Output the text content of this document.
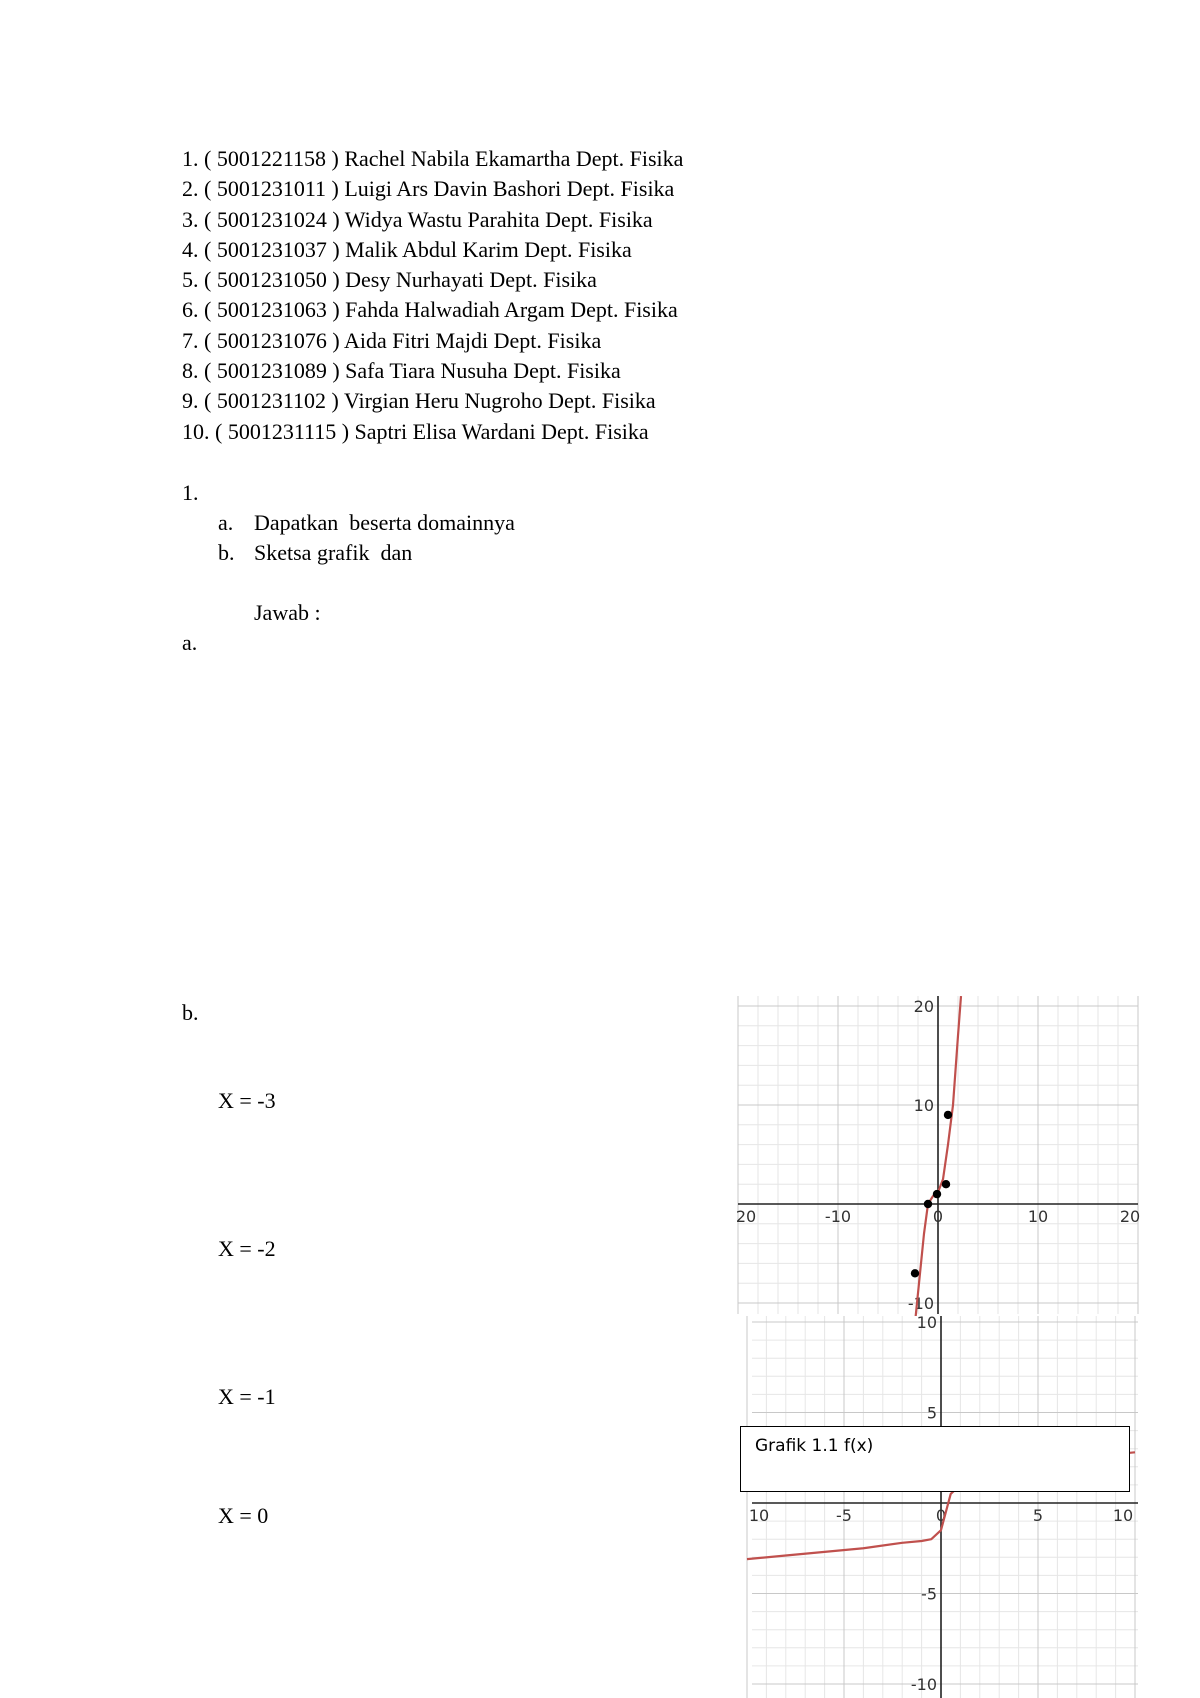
1. ( 5001221158 ) Rachel Nabila Ekamartha Dept. Fisika
2. ( 5001231011 ) Luigi Ars Davin Bashori Dept. Fisika
3. ( 5001231024 ) Widya Wastu Parahita Dept. Fisika
4. ( 5001231037 ) Malik Abdul Karim Dept. Fisika
5. ( 5001231050 ) Desy Nurhayati Dept. Fisika
6. ( 5001231063 ) Fahda Halwadiah Argam Dept. Fisika
7. ( 5001231076 ) Aida Fitri Majdi Dept. Fisika
8. ( 5001231089 ) Safa Tiara Nusuha Dept. Fisika
9. ( 5001231102 ) Virgian Heru Nugroho Dept. Fisika
10. ( 5001231115 ) Saptri Elisa Wardani Dept. Fisika
1.
a. Dapatkan  beserta domainnya
b. Sketsa grafik  dan
Jawab :
a.
b.
X = -3
X = -2
X = -1
X = 0
20	-10	0	10	20
20
10
-10
10	-5	0	5	10
10
5
-5
-10
Grafik 1.1 f(x)
